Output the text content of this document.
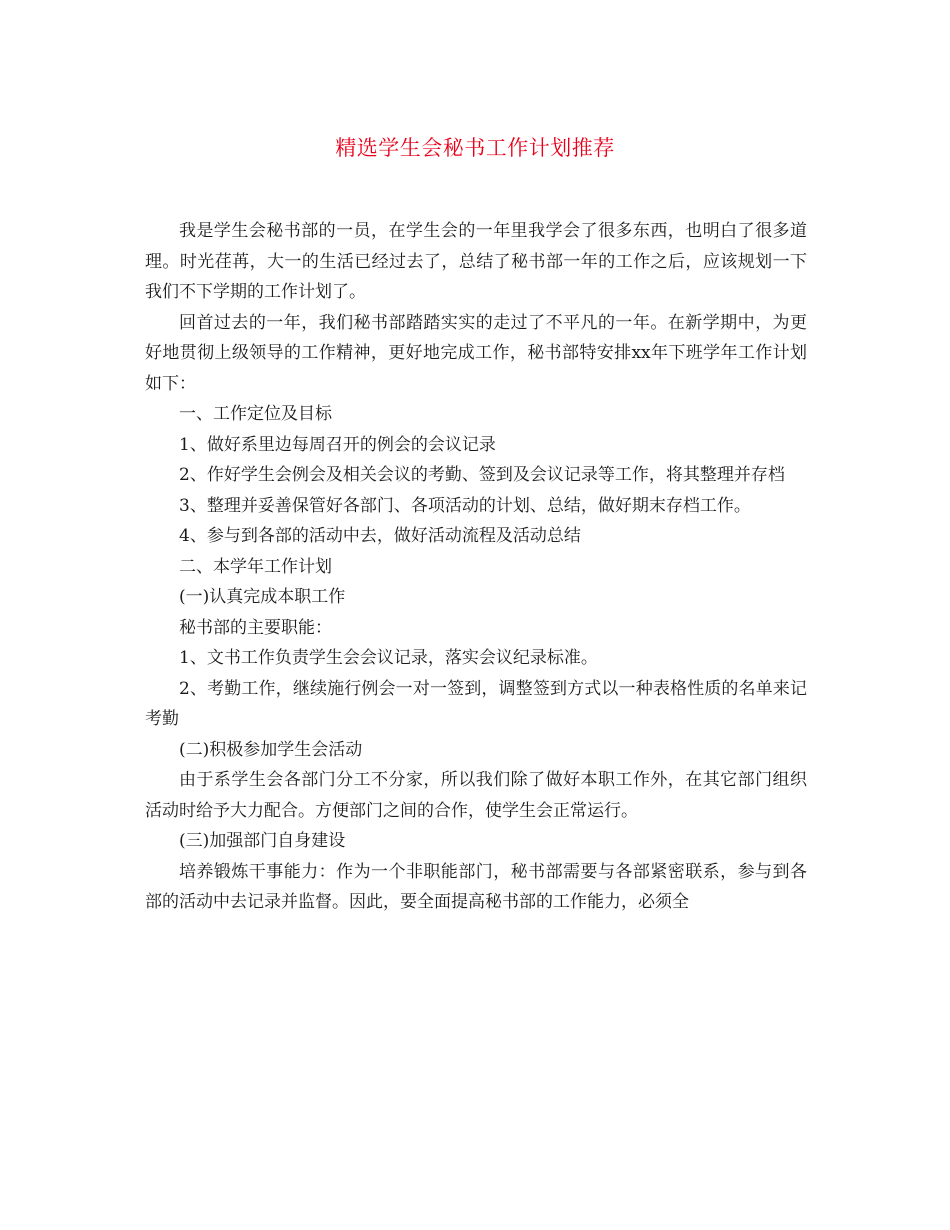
精选学生会秘书工作计划推荐

我是学生会秘书部的一员，在学生会的一年里我学会了很多东西，也明白了很多道理。时光荏苒，大一的生活已经过去了，总结了秘书部一年的工作之后，应该规划一下我们不下学期的工作计划了。

回首过去的一年，我们秘书部踏踏实实的走过了不平凡的一年。在新学期中，为更好地贯彻上级领导的工作精神，更好地完成工作，秘书部特安排xx年下班学年工作计划如下：

一、工作定位及目标

1、做好系里边每周召开的例会的会议记录

2、作好学生会例会及相关会议的考勤、签到及会议记录等工作，将其整理并存档

3、整理并妥善保管好各部门、各项活动的计划、总结，做好期末存档工作。

4、参与到各部的活动中去，做好活动流程及活动总结

二、本学年工作计划

(一)认真完成本职工作

秘书部的主要职能：

1、文书工作负责学生会会议记录，落实会议纪录标准。

2、考勤工作，继续施行例会一对一签到，调整签到方式以一种表格性质的名单来记考勤

(二)积极参加学生会活动

由于系学生会各部门分工不分家，所以我们除了做好本职工作外，在其它部门组织活动时给予大力配合。方便部门之间的合作，使学生会正常运行。

(三)加强部门自身建设

培养锻炼干事能力：作为一个非职能部门，秘书部需要与各部紧密联系，参与到各部的活动中去记录并监督。因此，要全面提高秘书部的工作能力，必须全
